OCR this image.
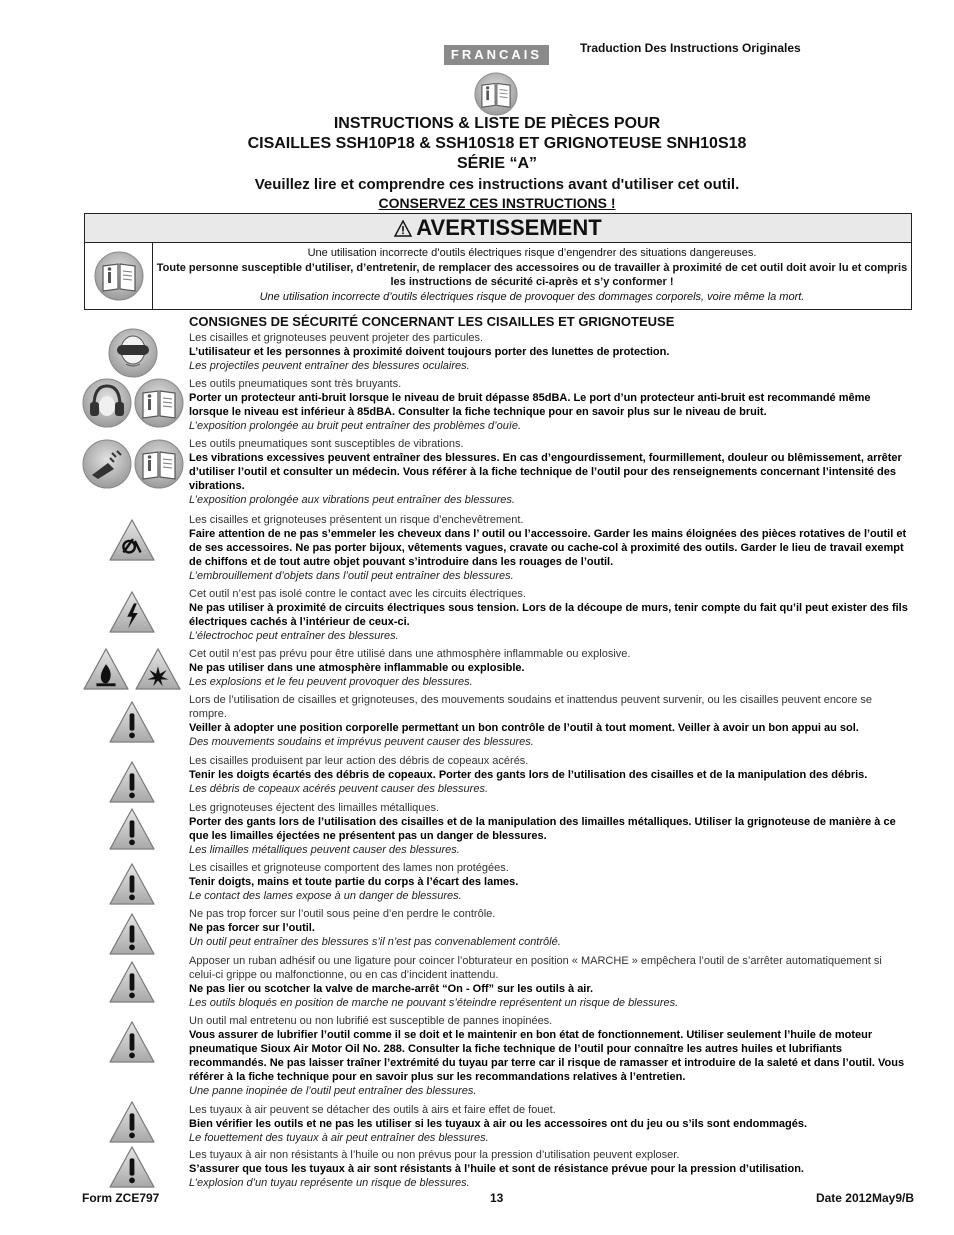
FRANCAIS	Traduction Des Instructions Originales
INSTRUCTIONS & LISTE DE PIÈCES POUR
CISAILLES SSH10P18 & SSH10S18 ET GRIGNOTEUSE SNH10S18
SÉRIE “A”
Veuillez lire et comprendre ces instructions avant d'utiliser cet outil.
CONSERVEZ CES INSTRUCTIONS !
AVERTISSEMENT
Une utilisation incorrecte d’outils électriques risque d’engendrer des situations dangereuses.
Toute personne susceptible d’utiliser, d’entretenir, de remplacer des accessoires ou de travailler à proximité de cet outil doit avoir lu et compris les instructions de sécurité ci-après et s’y conformer !
Une utilisation incorrecte d’outils électriques risque de provoquer des dommages corporels, voire même la mort.
CONSIGNES DE SÉCURITÉ CONCERNANT LES CISAILLES ET GRIGNOTEUSE
Les cisailles et grignoteuses peuvent projeter des particules.
L’utilisateur et les personnes à proximité doivent toujours porter des lunettes de protection.
Les projectiles peuvent entraîner des blessures oculaires.
Les outils pneumatiques sont très bruyants.
Porter un protecteur anti-bruit lorsque le niveau de bruit dépasse 85dBA. Le port d’un protecteur anti-bruit est recommandé même lorsque le niveau est inférieur à 85dBA. Consulter la fiche technique pour en savoir plus sur le niveau de bruit.
L’exposition prolongée au bruit peut entraîner des problèmes d’ouïe.
Les outils pneumatiques sont susceptibles de vibrations.
Les vibrations excessives peuvent entraîner des blessures. En cas d’engourdissement, fourmillement, douleur ou blêmissement, arrêter d’utiliser l’outil et consulter un médecin. Vous référer à la fiche technique de l’outil pour des renseignements concernant l’intensité des vibrations.
L’exposition prolongée aux vibrations peut entraîner des blessures.
Les cisailles et grignoteuses présentent un risque d’enchevêtrement.
Faire attention de ne pas s’emmeler les cheveux dans l’ outil ou l’accessoire. Garder les mains éloignées des pièces rotatives de l’outil et de ses accessoires. Ne pas porter bijoux, vêtements vagues, cravate ou cache-col à proximité des outils. Garder le lieu de travail exempt de chiffons et de tout autre objet pouvant s’introduire dans les rouages de l’outil.
L’embrouillement d’objets dans l’outil peut entraîner des blessures.
Cet outil n’est pas isolé contre le contact avec les circuits électriques.
Ne pas utiliser à proximité de circuits électriques sous tension. Lors de la découpe de murs, tenir compte du fait qu’il peut exister des fils électriques cachés à l’intérieur de ceux-ci.
L’électrochoc peut entraîner des blessures.
Cet outil n’est pas prévu pour être utilisé dans une athmosphère inflammable ou explosive.
Ne pas utiliser dans une atmosphère inflammable ou explosible.
Les explosions et le feu peuvent provoquer des blessures.
Lors de l’utilisation de cisailles et grignoteuses, des mouvements soudains et inattendus peuvent survenir, ou les cisailles peuvent encore se rompre.
Veiller à adopter une position corporelle permettant un bon contrôle de l’outil à tout moment. Veiller à avoir un bon appui au sol.
Des mouvements soudains et imprévus peuvent causer des blessures.
Les cisailles produisent par leur action des débris de copeaux acérés.
Tenir les doigts écartés des débris de copeaux. Porter des gants lors de l’utilisation des cisailles et de la manipulation des débris.
Les débris de copeaux acérés peuvent causer des blessures.
Les grignoteuses éjectent des limailles métalliques.
Porter des gants lors de l’utilisation des cisailles et de la manipulation des limailles métalliques. Utiliser la grignoteuse de manière à ce que les limailles éjectées ne présentent pas un danger de blessures.
Les limailles métalliques peuvent causer des blessures.
Les cisailles et grignoteuse comportent des lames non protégées.
Tenir doigts, mains et toute partie du corps à l’écart des lames.
Le contact des lames expose à un danger de blessures.
Ne pas trop forcer sur l’outil sous peine d’en perdre le contrôle.
Ne pas forcer sur l’outil.
Un outil peut entraîner des blessures s’il n’est pas convenablement contrôlé.
Apposer un ruban adhésif ou une ligature pour coincer l’obturateur en position « MARCHE » empêchera l’outil de s’arrêter automatiquement si celui-ci grippe ou malfonctionne, ou en cas d’incident inattendu.
Ne pas lier ou scotcher la valve de marche-arrêt “On - Off” sur les outils à air.
Les outils bloqués en position de marche ne pouvant s’éteindre représentent un risque de blessures.
Un outil mal entretenu ou non lubrifié est susceptible de pannes inopinées.
Vous assurer de lubrifier l’outil comme il se doit et le maintenir en bon état de fonctionnement. Utiliser seulement l’huile de moteur pneumatique Sioux Air Motor Oil No. 288. Consulter la fiche technique de l’outil pour connaître les autres huiles et lubrifiants recommandés. Ne pas laisser traîner l’extrémité du tuyau par terre car il risque de ramasser et introduire de la saleté et dans l’outil. Vous référer à la fiche technique pour en savoir plus sur les recommandations relatives à l’entretien.
Une panne inopinée de l’outil peut entraîner des blessures.
Les tuyaux à air peuvent se détacher des outils à airs et faire effet de fouet.
Bien vérifier les outils et ne pas les utiliser si les tuyaux à air ou les accessoires ont du jeu ou s’ils sont endommagés.
Le fouettement des tuyaux à air peut entraîner des blessures.
Les tuyaux à air non résistants à l’huile ou non prévus pour la pression d’utilisation peuvent exploser.
S’assurer que tous les tuyaux à air sont résistants à l’huile et sont de résistance prévue pour la pression d’utilisation.
L’explosion d’un tuyau représente un risque de blessures.
Form ZCE797	13	Date 2012May9/B
